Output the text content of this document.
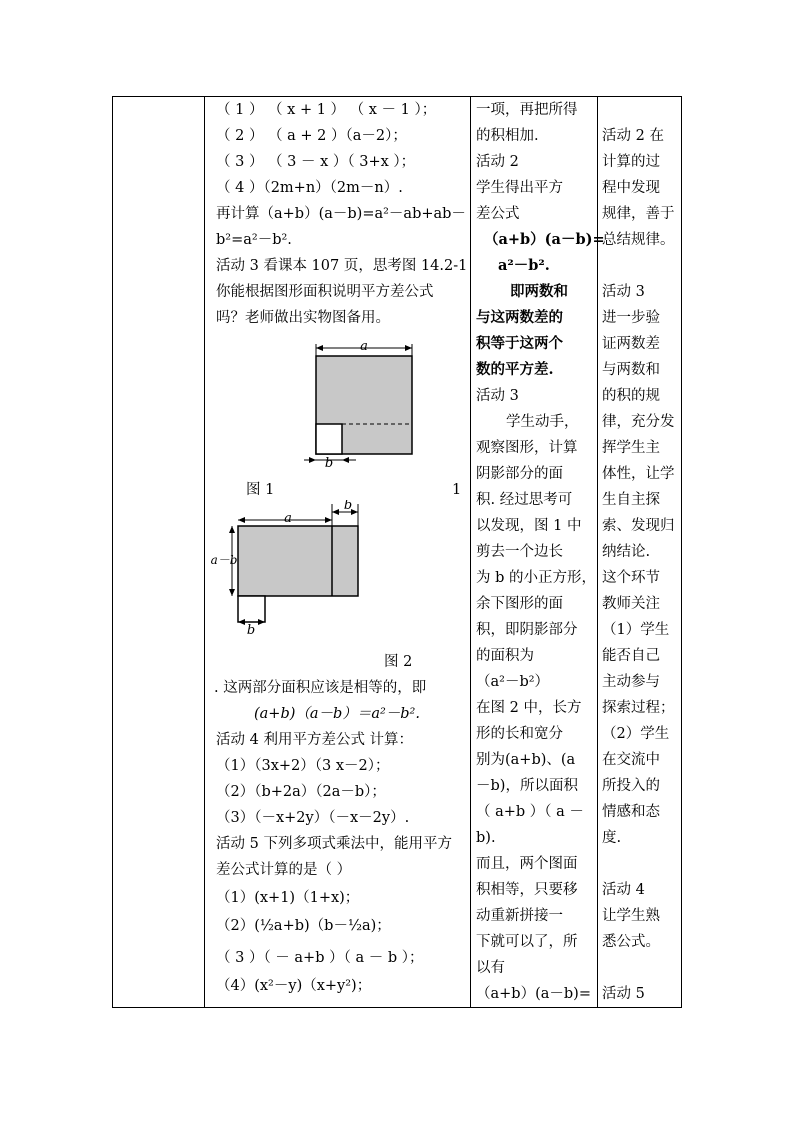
（ 1 ） （ x + 1 ） （ x － 1 ）；
（ 2 ） （ a + 2 ）（a－2）；
（ 3 ） （ 3 － x ）（ 3+x ）；
（ 4 ）（2m+n）（2m－n）.
再计算（a+b）(a－b)=a²－ab+ab－
b²=a²－b².
活动 3 看课本 107 页，思考图 14.2-1
你能根据图形面积说明平方差公式
吗？老师做出实物图备用。
a
b
图 1	1
a
b
a－b
b
图 2
. 这两部分面积应该是相等的，即
(a+b)（a－b）＝a²－b².
活动 4 利用平方差公式 计算：
（1）（3x+2）（3 x－2）；
（2）（b+2a）（2a－b）；
（3）（－x+2y）（－x－2y）.
活动 5 下列多项式乘法中，能用平方
差公式计算的是（ ）
（1）(x+1)（1+x)；
（2）(½a+b)（b－½a)；
（ 3 ）（ － a+b ）（ a － b ）；
（4）(x²－y)（x+y²)；
一项，再把所得
的积相加.
活动 2
学生得出平方
差公式
（a+b）(a－b)=
a²－b².
即两数和
与这两数差的
积等于这两个
数的平方差.
活动 3
学生动手，
观察图形，计算
阴影部分的面
积. 经过思考可
以发现，图 1 中
剪去一个边长
为 b 的小正方形，
余下图形的面
积，即阴影部分
的面积为
（a²－b²）
在图 2 中，长方
形的长和宽分
别为(a+b)、(a
－b)，所以面积
（ a+b ）（ a －
b).
而且，两个图面
积相等，只要移
动重新拼接一
下就可以了，所
以有
（a+b）(a－b)=
活动 2 在
计算的过
程中发现
规律，善于
总结规律。
活动 3
进一步验
证两数差
与两数和
的积的规
律，充分发
挥学生主
体性，让学
生自主探
索、发现归
纳结论.
这个环节
教师关注
（1）学生
能否自己
主动参与
探索过程；
（2）学生
在交流中
所投入的
情感和态
度.
活动 4
让学生熟
悉公式。
活动 5
